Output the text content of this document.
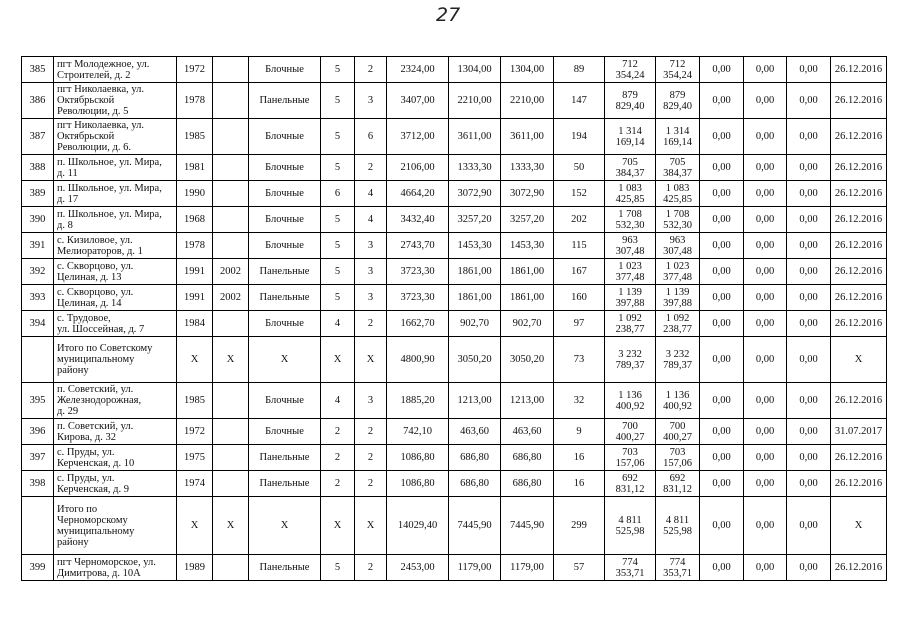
27
385	пгт Молодежное, ул.
Строителей, д. 2	1972		Блочные	5	2	2324,00	1304,00	1304,00	89	712
354,24	712
354,24	0,00	0,00	0,00	26.12.2016
386	пгт Николаевка, ул.
Октябрьской
Революции, д. 5	1978		Панельные	5	3	3407,00	2210,00	2210,00	147	879
829,40	879
829,40	0,00	0,00	0,00	26.12.2016
387	пгт Николаевка, ул.
Октябрьской
Революции, д. 6.	1985		Блочные	5	6	3712,00	3611,00	3611,00	194	1 314
169,14	1 314
169,14	0,00	0,00	0,00	26.12.2016
388	п. Школьное, ул. Мира,
д. 11	1981		Блочные	5	2	2106,00	1333,30	1333,30	50	705
384,37	705
384,37	0,00	0,00	0,00	26.12.2016
389	п. Школьное, ул. Мира,
д. 17	1990		Блочные	6	4	4664,20	3072,90	3072,90	152	1 083
425,85	1 083
425,85	0,00	0,00	0,00	26.12.2016
390	п. Школьное, ул. Мира,
д. 8	1968		Блочные	5	4	3432,40	3257,20	3257,20	202	1 708
532,30	1 708
532,30	0,00	0,00	0,00	26.12.2016
391	с. Кизиловое, ул.
Мелиораторов, д. 1	1978		Блочные	5	3	2743,70	1453,30	1453,30	115	963
307,48	963
307,48	0,00	0,00	0,00	26.12.2016
392	с. Скворцово, ул.
Целиная, д. 13	1991	2002	Панельные	5	3	3723,30	1861,00	1861,00	167	1 023
377,48	1 023
377,48	0,00	0,00	0,00	26.12.2016
393	с. Скворцово, ул.
Целиная, д. 14	1991	2002	Панельные	5	3	3723,30	1861,00	1861,00	160	1 139
397,88	1 139
397,88	0,00	0,00	0,00	26.12.2016
394	с. Трудовое,
ул. Шоссейная, д. 7	1984		Блочные	4	2	1662,70	902,70	902,70	97	1 092
238,77	1 092
238,77	0,00	0,00	0,00	26.12.2016
	Итого по Советскому
муниципальному
району	X	X	X	X	X	4800,90	3050,20	3050,20	73	3 232
789,37	3 232
789,37	0,00	0,00	0,00	X
395	п. Советский, ул.
Железнодорожная,
д. 29	1985		Блочные	4	3	1885,20	1213,00	1213,00	32	1 136
400,92	1 136
400,92	0,00	0,00	0,00	26.12.2016
396	п. Советский, ул.
Кирова, д. 32	1972		Блочные	2	2	742,10	463,60	463,60	9	700
400,27	700
400,27	0,00	0,00	0,00	31.07.2017
397	с. Пруды, ул.
Керченская, д. 10	1975		Панельные	2	2	1086,80	686,80	686,80	16	703
157,06	703
157,06	0,00	0,00	0,00	26.12.2016
398	с. Пруды, ул.
Керченская, д. 9	1974		Панельные	2	2	1086,80	686,80	686,80	16	692
831,12	692
831,12	0,00	0,00	0,00	26.12.2016
	Итого по
Черноморскому
муниципальному
району	X	X	X	X	X	14029,40	7445,90	7445,90	299	4 811
525,98	4 811
525,98	0,00	0,00	0,00	X
399	пгт Черноморское, ул.
Димитрова, д. 10А	1989		Панельные	5	2	2453,00	1179,00	1179,00	57	774
353,71	774
353,71	0,00	0,00	0,00	26.12.2016
